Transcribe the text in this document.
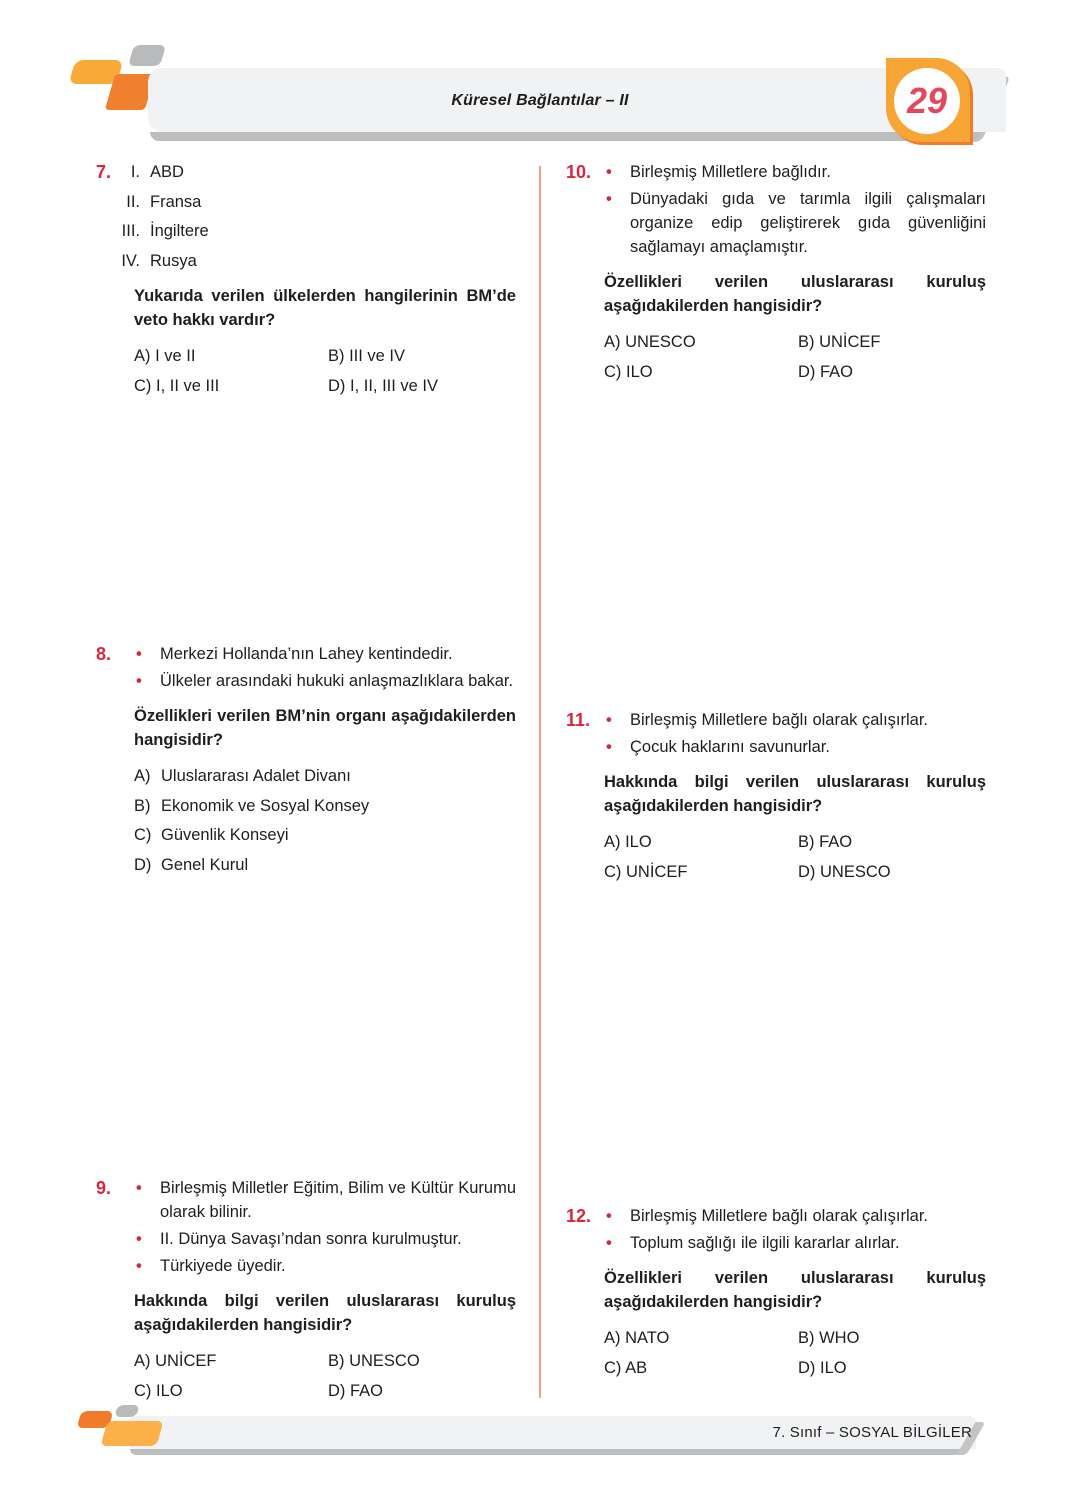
Küresel Bağlantılar – II	29
7.	I. ABD
II. Fransa
III. İngiltere
IV. Rusya
Yukarıda verilen ülkelerden hangilerinin BM’de veto hakkı vardır?
A) I ve II	B) III ve IV
C) I, II ve III	D) I, II, III ve IV
8.	• Merkezi Hollanda’nın Lahey kentindedir.
• Ülkeler arasındaki hukuki anlaşmazlıklara bakar.
Özellikleri verilen BM’nin organı aşağıdakilerden hangisidir?
A) Uluslararası Adalet Divanı
B) Ekonomik ve Sosyal Konsey
C) Güvenlik Konseyi
D) Genel Kurul
9.	• Birleşmiş Milletler Eğitim, Bilim ve Kültür Kurumu olarak bilinir.
• II. Dünya Savaşı’ndan sonra kurulmuştur.
• Türkiyede üyedir.
Hakkında bilgi verilen uluslararası kuruluş aşağıdakilerden hangisidir?
A) UNİCEF	B) UNESCO
C) ILO	D) FAO
10.	• Birleşmiş Milletlere bağlıdır.
• Dünyadaki gıda ve tarımla ilgili çalışmaları organize edip geliştirerek gıda güvenliğini sağlamayı amaçlamıştır.
Özellikleri verilen uluslararası kuruluş aşağıdakilerden hangisidir?
A) UNESCO	B) UNİCEF
C) ILO	D) FAO
11.	• Birleşmiş Milletlere bağlı olarak çalışırlar.
• Çocuk haklarını savunurlar.
Hakkında bilgi verilen uluslararası kuruluş aşağıdakilerden hangisidir?
A) ILO	B) FAO
C) UNİCEF	D) UNESCO
12.	• Birleşmiş Milletlere bağlı olarak çalışırlar.
• Toplum sağlığı ile ilgili kararlar alırlar.
Özellikleri verilen uluslararası kuruluş aşağıdakilerden hangisidir?
A) NATO	B) WHO
C) AB	D) ILO
7. Sınıf – SOSYAL BİLGİLER
